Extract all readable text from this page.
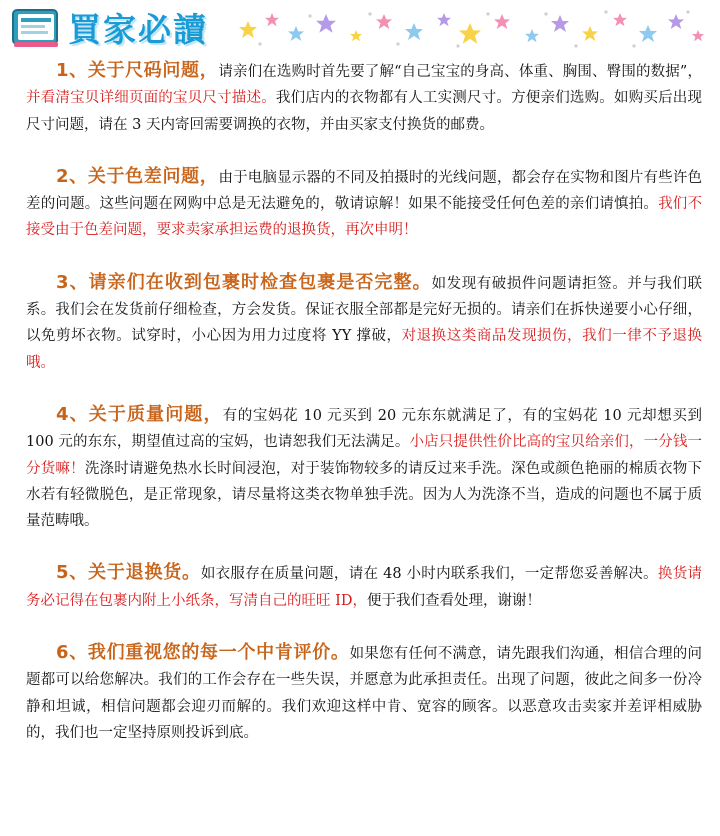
買家必讀
1、关于尺码问题，请亲们在选购时首先要了解“自己宝宝的身高、体重、胸围、臀围的数据”，并看清宝贝详细页面的宝贝尺寸描述。我们店内的衣物都有人工实测尺寸。方便亲们选购。如购买后出现尺寸问题，请在 3 天内寄回需要调换的衣物，并由买家支付换货的邮费。
2、关于色差问题，由于电脑显示器的不同及拍摄时的光线问题，都会存在实物和图片有些许色差的问题。这些问题在网购中总是无法避免的，敬请谅解！如果不能接受任何色差的亲们请慎拍。我们不接受由于色差问题，要求卖家承担运费的退换货，再次申明！
3、请亲们在收到包裹时检查包裹是否完整。如发现有破损件问题请拒签。并与我们联系。我们会在发货前仔细检查，方会发货。保证衣服全部都是完好无损的。请亲们在拆快递要小心仔细，以免剪坏衣物。试穿时，小心因为用力过度将 YY 撑破，对退换这类商品发现损伤，我们一律不予退换哦。
4、关于质量问题，有的宝妈花 10 元买到 20 元东东就满足了，有的宝妈花 10 元却想买到 100 元的东东，期望值过高的宝妈，也请恕我们无法满足。小店只提供性价比高的宝贝给亲们，一分钱一分货嘛！洗涤时请避免热水长时间浸泡，对于装饰物较多的请反过来手洗。深色或颜色艳丽的棉质衣物下水若有轻微脱色，是正常现象，请尽量将这类衣物单独手洗。因为人为洗涤不当，造成的问题也不属于质量范畴哦。
5、关于退换货。如衣服存在质量问题，请在 48 小时内联系我们，一定帮您妥善解决。换货请务必记得在包裹内附上小纸条，写清自己的旺旺 ID，便于我们查看处理，谢谢！
6、我们重视您的每一个中肯评价。如果您有任何不满意，请先跟我们沟通，相信合理的问题都可以给您解决。我们的工作会存在一些失误，并愿意为此承担责任。出现了问题，彼此之间多一份冷静和坦诚，相信问题都会迎刃而解的。我们欢迎这样中肯、宽容的顾客。以恶意攻击卖家并差评相威胁的，我们也一定坚持原则投诉到底。
